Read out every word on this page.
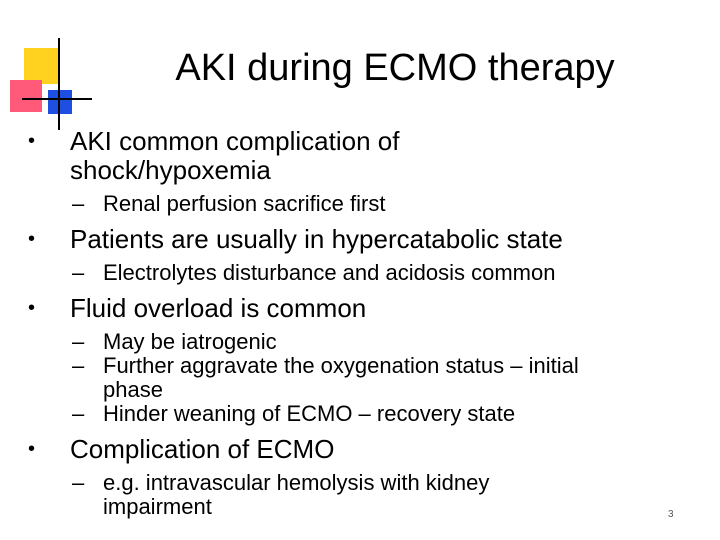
AKI during ECMO therapy
•	AKI common complication of
shock/hypoxemia
– Renal perfusion sacrifice first
•	Patients are usually in hypercatabolic state
– Electrolytes disturbance and acidosis common
•	Fluid overload is common
– May be iatrogenic
– Further aggravate the oxygenation status – initial
phase
– Hinder weaning of ECMO – recovery state
•	Complication of ECMO
– e.g. intravascular hemolysis with kidney
impairment	3
